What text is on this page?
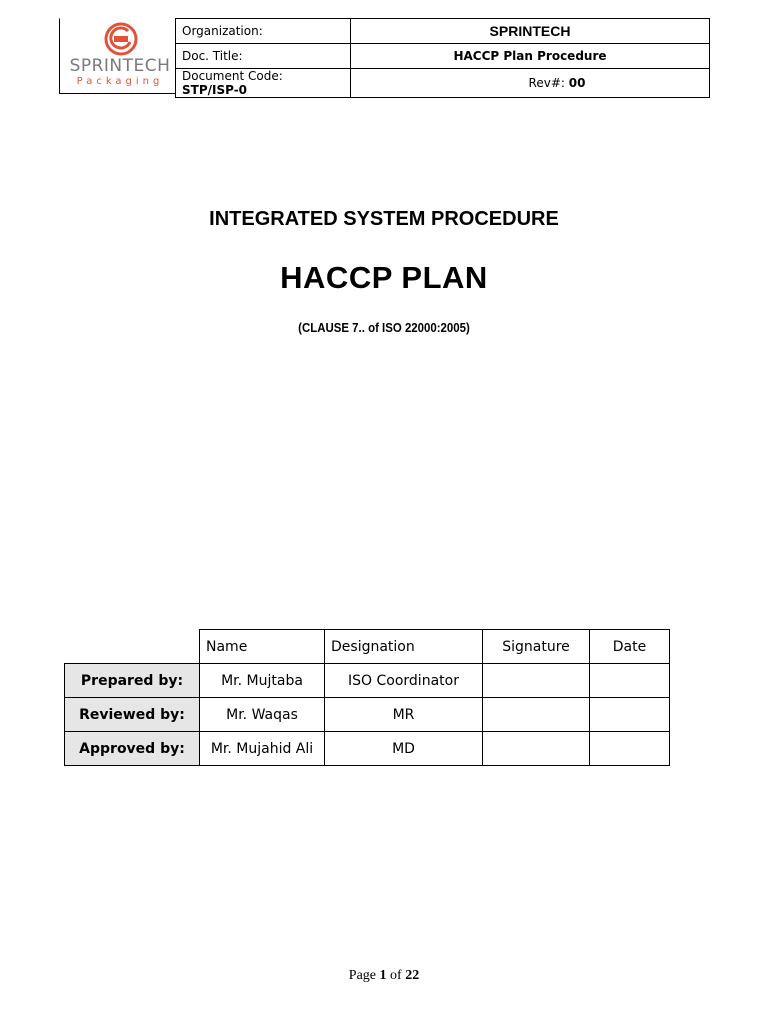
SPRINTECH
Packaging
Organization:	SPRINTECH
Doc. Title:	HACCP Plan Procedure
Document Code:  STP/ISP-0	Rev#: 00
INTEGRATED SYSTEM PROCEDURE
HACCP PLAN
(CLAUSE 7.. of ISO 22000:2005)
	Name	Designation	Signature	Date
Prepared by:	Mr. Mujtaba	ISO Coordinator		
Reviewed by:	Mr. Waqas	MR		
Approved by:	Mr. Mujahid Ali	MD		
Page 1 of 22
